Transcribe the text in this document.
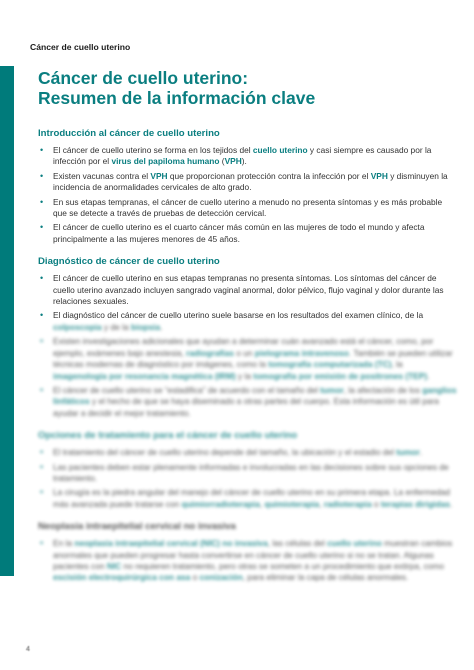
Cáncer de cuello uterino
Cáncer de cuello uterino:
Resumen de la información clave
Introducción al cáncer de cuello uterino
• El cáncer de cuello uterino se forma en los tejidos del cuello uterino y casi siempre es causado por la infección por el virus del papiloma humano (VPH).
• Existen vacunas contra el VPH que proporcionan protección contra la infección por el VPH y disminuyen la incidencia de anormalidades cervicales de alto grado.
• En sus etapas tempranas, el cáncer de cuello uterino a menudo no presenta síntomas y es más probable que se detecte a través de pruebas de detección cervical.
• El cáncer de cuello uterino es el cuarto cáncer más común en las mujeres de todo el mundo y afecta principalmente a las mujeres menores de 45 años.
Diagnóstico de cáncer de cuello uterino
• El cáncer de cuello uterino en sus etapas tempranas no presenta síntomas. Los síntomas del cáncer de cuello uterino avanzado incluyen sangrado vaginal anormal, dolor pélvico, flujo vaginal y dolor durante las relaciones sexuales.
• El diagnóstico del cáncer de cuello uterino suele basarse en los resultados del examen clínico, de la colposcopia y de la biopsia.
• Existen investigaciones adicionales que ayudan a determinar cuán avanzado está el cáncer, como, por ejemplo, exámenes bajo anestesia, radiografías o un pielograma intravenoso. También se pueden utilizar técnicas modernas de diagnóstico por imágenes, como la tomografía computarizada (TC), la imagenología por resonancia magnética (IRM) y la tomografía por emisión de positrones (TEP).
• El cáncer de cuello uterino se “estadifica” de acuerdo con el tamaño del tumor, la afectación de los ganglios linfáticos y el hecho de que se haya diseminado a otras partes del cuerpo. Esta información es útil para ayudar a decidir el mejor tratamiento.
Opciones de tratamiento para el cáncer de cuello uterino
• El tratamiento del cáncer de cuello uterino depende del tamaño, la ubicación y el estadio del tumor.
• Las pacientes deben estar plenamente informadas e involucradas en las decisiones sobre sus opciones de tratamiento.
• La cirugía es la piedra angular del manejo del cáncer de cuello uterino en su primera etapa. La enfermedad más avanzada puede tratarse con quimiorradioterapia, quimioterapia, radioterapia o terapias dirigidas.
Neoplasia intraepitelial cervical no invasiva
• En la neoplasia intraepitelial cervical (NIC) no invasiva, las células del cuello uterino muestran cambios anormales que pueden progresar hasta convertirse en cáncer de cuello uterino si no se tratan. Algunas pacientes con NIC no requieren tratamiento, pero otras se someten a un procedimiento que extirpa, como escisión electroquirúrgica con asa o conización, para eliminar la capa de células anormales.
4
